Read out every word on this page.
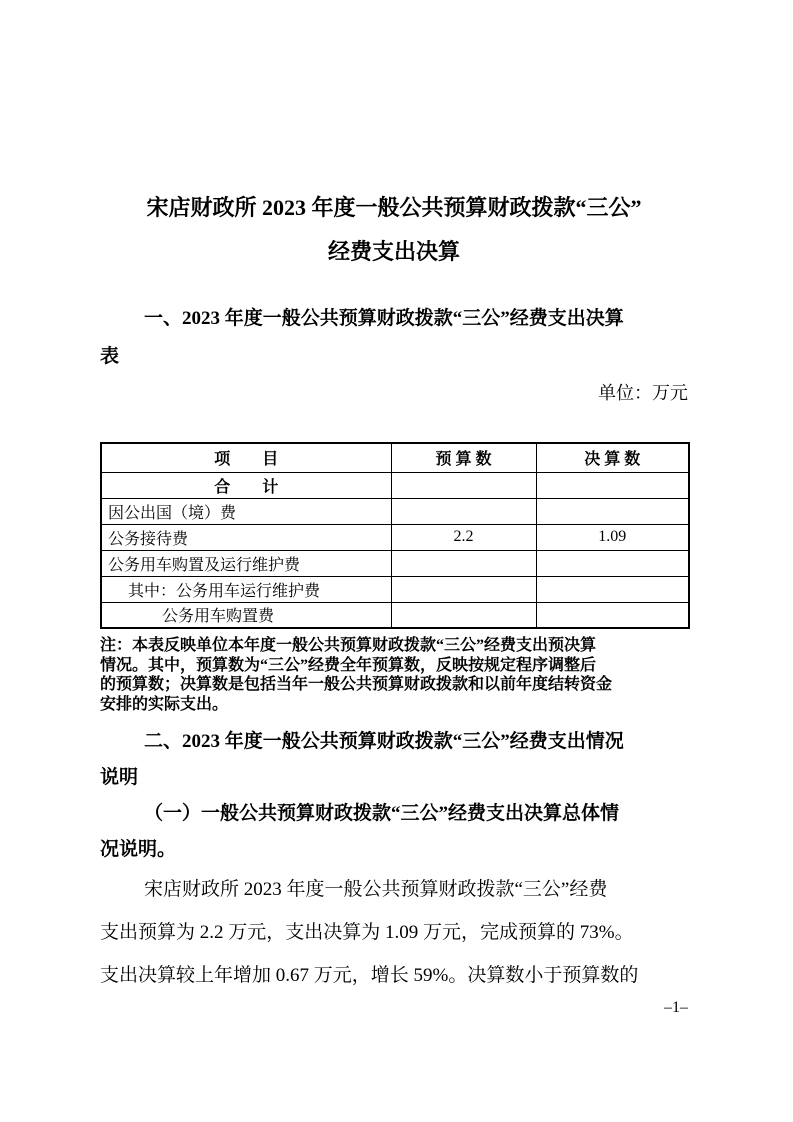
宋店财政所 2023 年度一般公共预算财政拨款“三公”
经费支出决算
一、2023 年度一般公共预算财政拨款“三公”经费支出决算
表
单位：万元
项　　目	预 算 数	决 算 数
合　　计		
因公出国（境）费		
公务接待费	2.2	1.09
公务用车购置及运行维护费		
其中：公务用车运行维护费		
公务用车购置费		
注：本表反映单位本年度一般公共预算财政拨款“三公”经费支出预决算
情况。其中，预算数为“三公”经费全年预算数，反映按规定程序调整后
的预算数；决算数是包括当年一般公共预算财政拨款和以前年度结转资金
安排的实际支出。
二、2023 年度一般公共预算财政拨款“三公”经费支出情况
说明
（一）一般公共预算财政拨款“三公”经费支出决算总体情
况说明。
宋店财政所 2023 年度一般公共预算财政拨款“三公”经费
支出预算为 2.2 万元，支出决算为 1.09 万元，完成预算的 73%。
支出决算较上年增加 0.67 万元，增长 59%。决算数小于预算数的
–1–
